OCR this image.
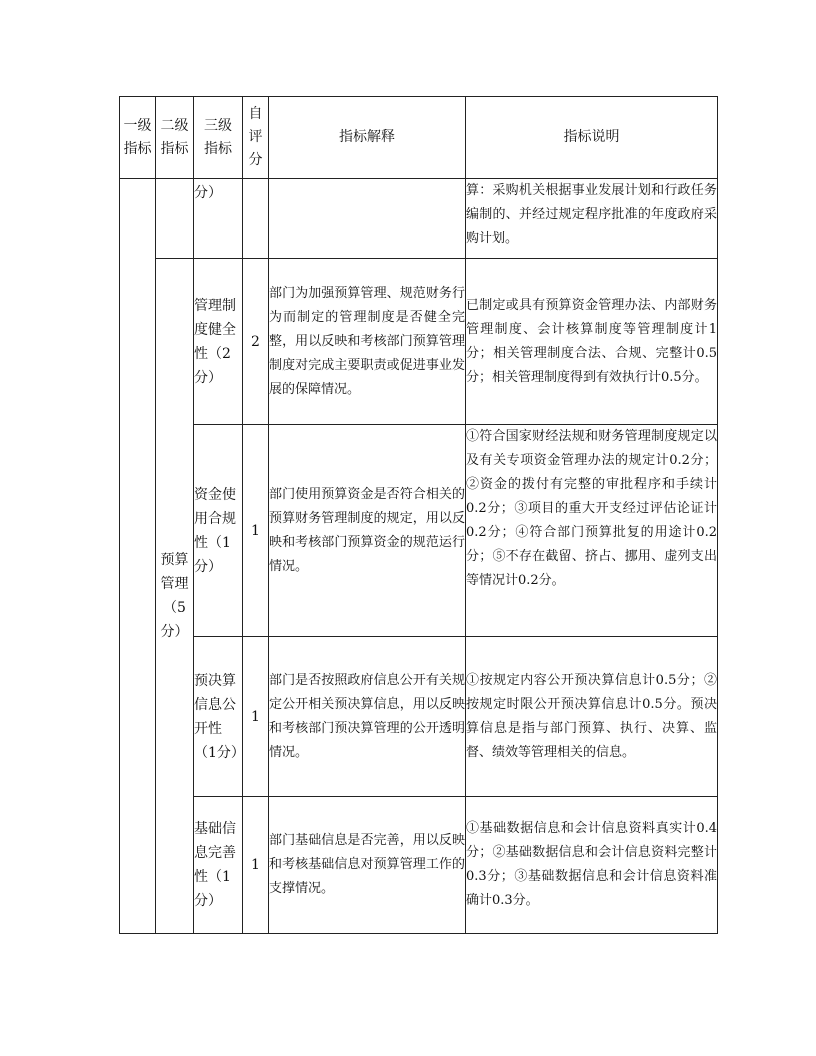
一级指标	二级指标	三级指标	自评分	指标解释	指标说明
		分）			算：采购机关根据事业发展计划和行政任务编制的、并经过规定程序批准的年度政府采购计划。
	预算管理（5分）	管理制度健全性（2分）	2	部门为加强预算管理、规范财务行为而制定的管理制度是否健全完整，用以反映和考核部门预算管理制度对完成主要职责或促进事业发展的保障情况。	已制定或具有预算资金管理办法、内部财务管理制度、会计核算制度等管理制度计1分；相关管理制度合法、合规、完整计0.5分；相关管理制度得到有效执行计0.5分。
		资金使用合规性（1分）	1	部门使用预算资金是否符合相关的预算财务管理制度的规定，用以反映和考核部门预算资金的规范运行情况。	①符合国家财经法规和财务管理制度规定以及有关专项资金管理办法的规定计0.2分；②资金的拨付有完整的审批程序和手续计0.2分；③项目的重大开支经过评估论证计0.2分；④符合部门预算批复的用途计0.2分；⑤不存在截留、挤占、挪用、虚列支出等情况计0.2分。
		预决算信息公开性（1分）	1	部门是否按照政府信息公开有关规定公开相关预决算信息，用以反映和考核部门预决算管理的公开透明情况。	①按规定内容公开预决算信息计0.5分；②按规定时限公开预决算信息计0.5分。预决算信息是指与部门预算、执行、决算、监督、绩效等管理相关的信息。
		基础信息完善性（1分）	1	部门基础信息是否完善，用以反映和考核基础信息对预算管理工作的支撑情况。	①基础数据信息和会计信息资料真实计0.4分；②基础数据信息和会计信息资料完整计0.3分；③基础数据信息和会计信息资料准确计0.3分。
